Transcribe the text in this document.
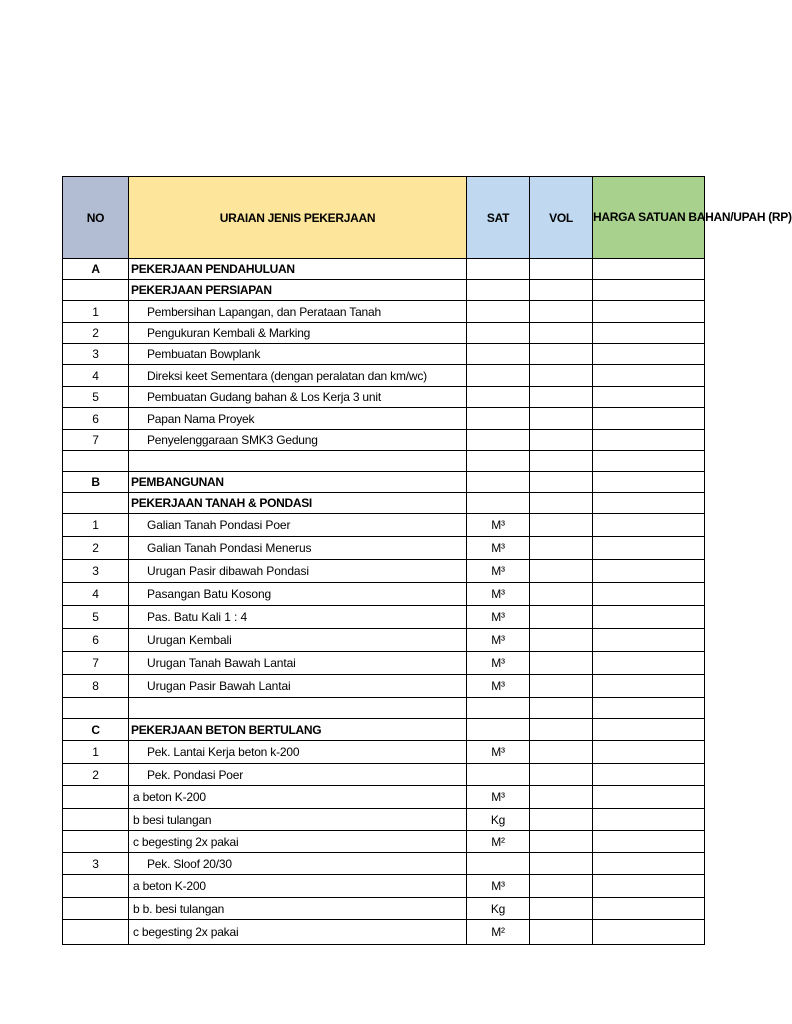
NO	URAIAN JENIS PEKERJAAN	SAT	VOL	HARGA SATUAN BAHAN/UPAH (RP)
A	PEKERJAAN PENDAHULUAN			
	PEKERJAAN PERSIAPAN			
1	Pembersihan Lapangan, dan Perataan Tanah			
2	Pengukuran Kembali & Marking			
3	Pembuatan Bowplank			
4	Direksi keet Sementara (dengan peralatan dan km/wc)			
5	Pembuatan Gudang bahan & Los Kerja 3 unit			
6	Papan Nama Proyek			
7	Penyelenggaraan SMK3 Gedung			

B	PEMBANGUNAN			
	PEKERJAAN TANAH & PONDASI			
1	Galian Tanah Pondasi Poer	M³		
2	Galian Tanah Pondasi Menerus	M³		
3	Urugan Pasir dibawah Pondasi	M³		
4	Pasangan Batu Kosong	M³		
5	Pas. Batu Kali 1 : 4	M³		
6	Urugan Kembali	M³		
7	Urugan Tanah Bawah Lantai	M³		
8	Urugan Pasir Bawah Lantai	M³		

C	PEKERJAAN BETON BERTULANG			
1	Pek. Lantai Kerja beton k-200	M³		
2	Pek. Pondasi Poer			
	a beton K-200	M³		
	b besi tulangan	Kg		
	c begesting 2x pakai	M²		
3	Pek. Sloof 20/30			
	a beton K-200	M³		
	b b. besi tulangan	Kg		
	c begesting 2x pakai	M²		
